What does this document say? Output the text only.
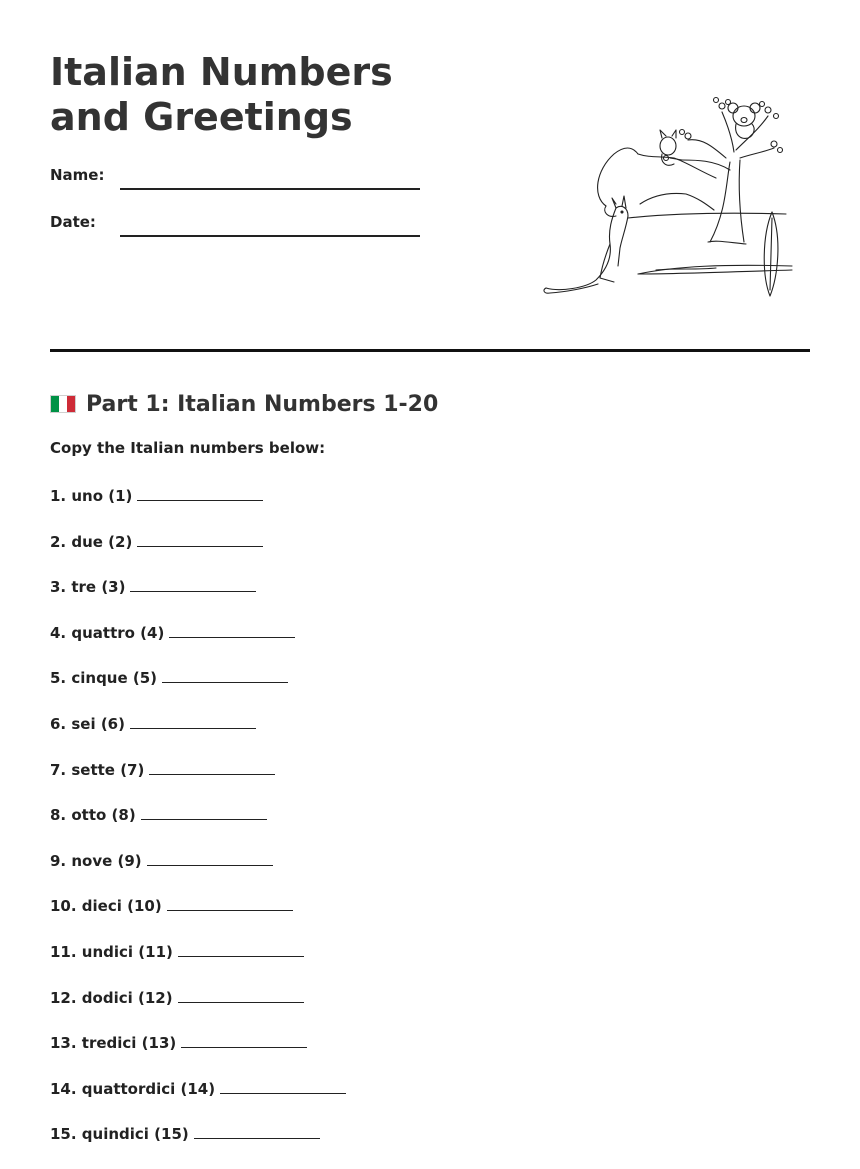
Italian Numbers and Greetings
Name:
Date:
Part 1: Italian Numbers 1-20

Copy the Italian numbers below:

1. uno (1)
2. due (2)
3. tre (3)
4. quattro (4)
5. cinque (5)
6. sei (6)
7. sette (7)
8. otto (8)
9. nove (9)
10. dieci (10)
11. undici (11)
12. dodici (12)
13. tredici (13)
14. quattordici (14)
15. quindici (15)
